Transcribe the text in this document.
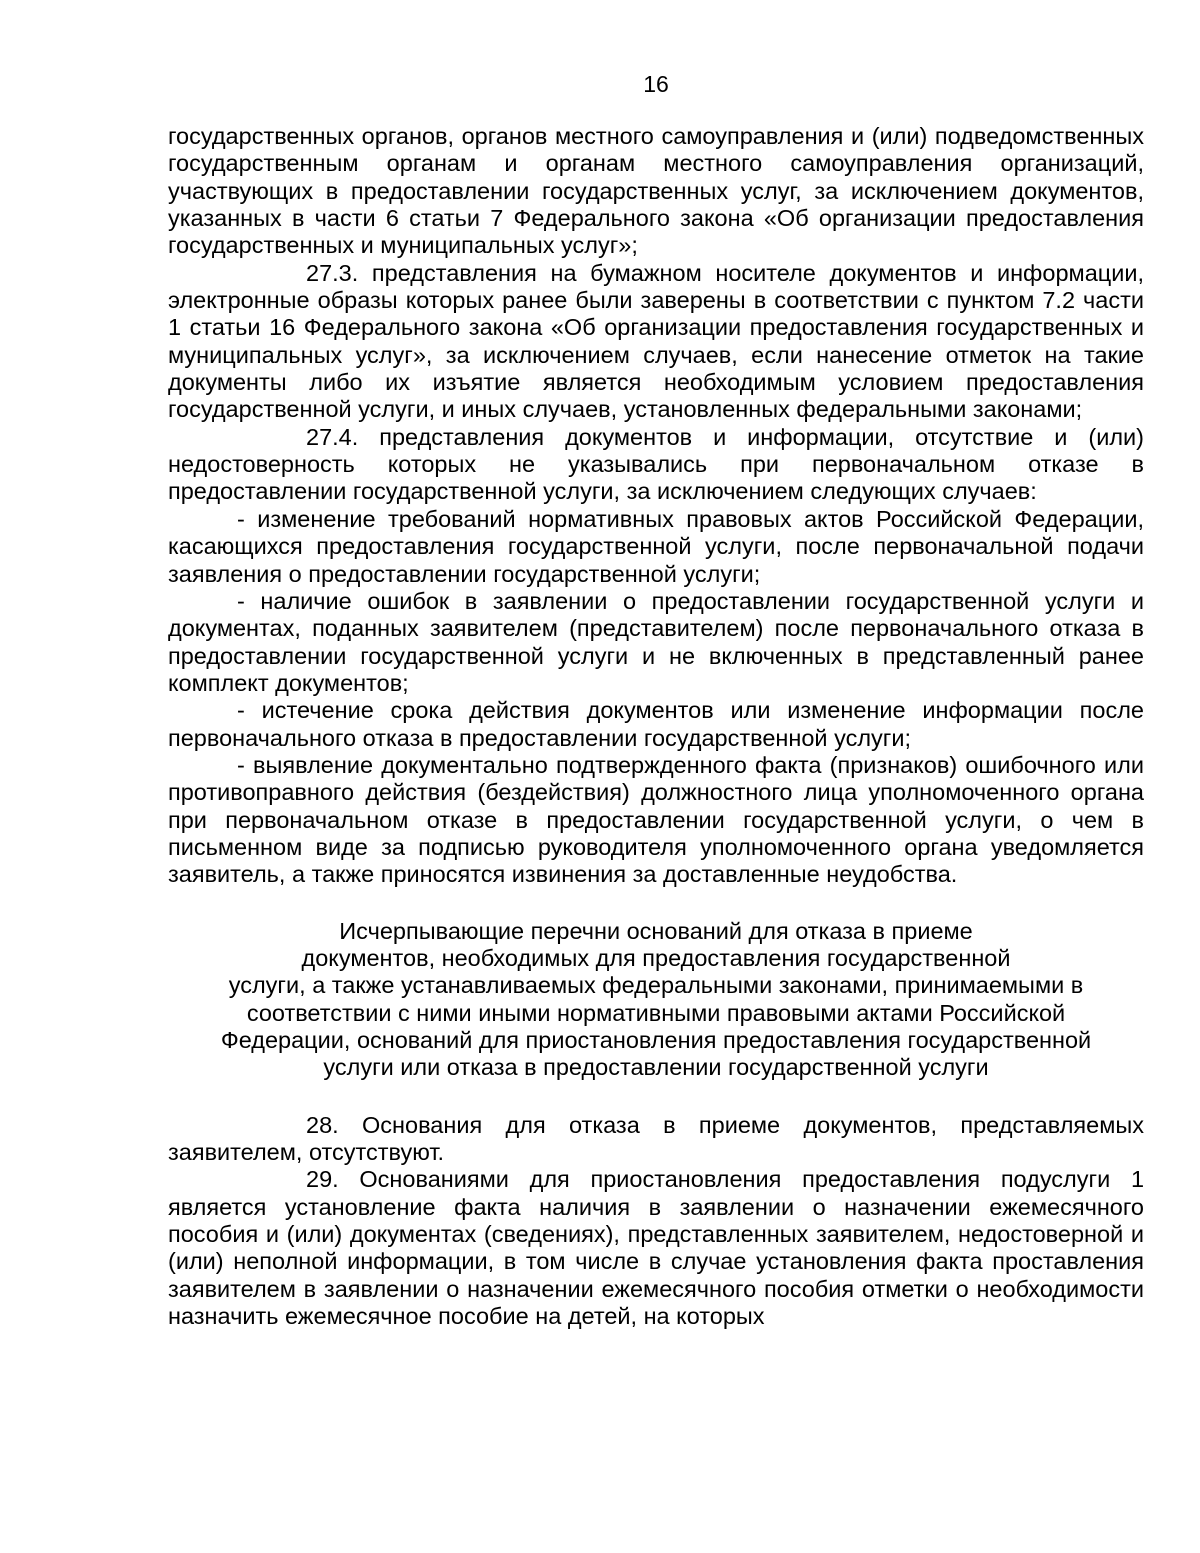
16

государственных органов, органов местного самоуправления и (или) подведомственных государственным органам и органам местного самоуправления организаций, участвующих в предоставлении государственных услуг, за исключением документов, указанных в части 6 статьи 7 Федерального закона «Об организации предоставления государственных и муниципальных услуг»;

27.3. представления на бумажном носителе документов и информации, электронные образы которых ранее были заверены в соответствии с пунктом 7.2 части 1 статьи 16 Федерального закона «Об организации предоставления государственных и муниципальных услуг», за исключением случаев, если нанесение отметок на такие документы либо их изъятие является необходимым условием предоставления государственной услуги, и иных случаев, установленных федеральными законами;

27.4. представления документов и информации, отсутствие и (или) недостоверность которых не указывались при первоначальном отказе в предоставлении государственной услуги, за исключением следующих случаев:

- изменение требований нормативных правовых актов Российской Федерации, касающихся предоставления государственной услуги, после первоначальной подачи заявления о предоставлении государственной услуги;

- наличие ошибок в заявлении о предоставлении государственной услуги и документах, поданных заявителем (представителем) после первоначального отказа в предоставлении государственной услуги и не включенных в представленный ранее комплект документов;

- истечение срока действия документов или изменение информации после первоначального отказа в предоставлении государственной услуги;

- выявление документально подтвержденного факта (признаков) ошибочного или противоправного действия (бездействия) должностного лица уполномоченного органа при первоначальном отказе в предоставлении государственной услуги, о чем в письменном виде за подписью руководителя уполномоченного органа уведомляется заявитель, а также приносятся извинения за доставленные неудобства.

Исчерпывающие перечни оснований для отказа в приеме

документов, необходимых для предоставления государственной

услуги, а также устанавливаемых федеральными законами, принимаемыми в

соответствии с ними иными нормативными правовыми актами Российской

Федерации, оснований для приостановления предоставления государственной

услуги или отказа в предоставлении государственной услуги

28. Основания для отказа в приеме документов, представляемых заявителем, отсутствуют.

29. Основаниями для приостановления предоставления подуслуги 1 является установление факта наличия в заявлении о назначении ежемесячного пособия и (или) документах (сведениях), представленных заявителем, недостоверной и (или) неполной информации, в том числе в случае установления факта проставления заявителем в заявлении о назначении ежемесячного пособия отметки о необходимости назначить ежемесячное пособие на детей, на которых
